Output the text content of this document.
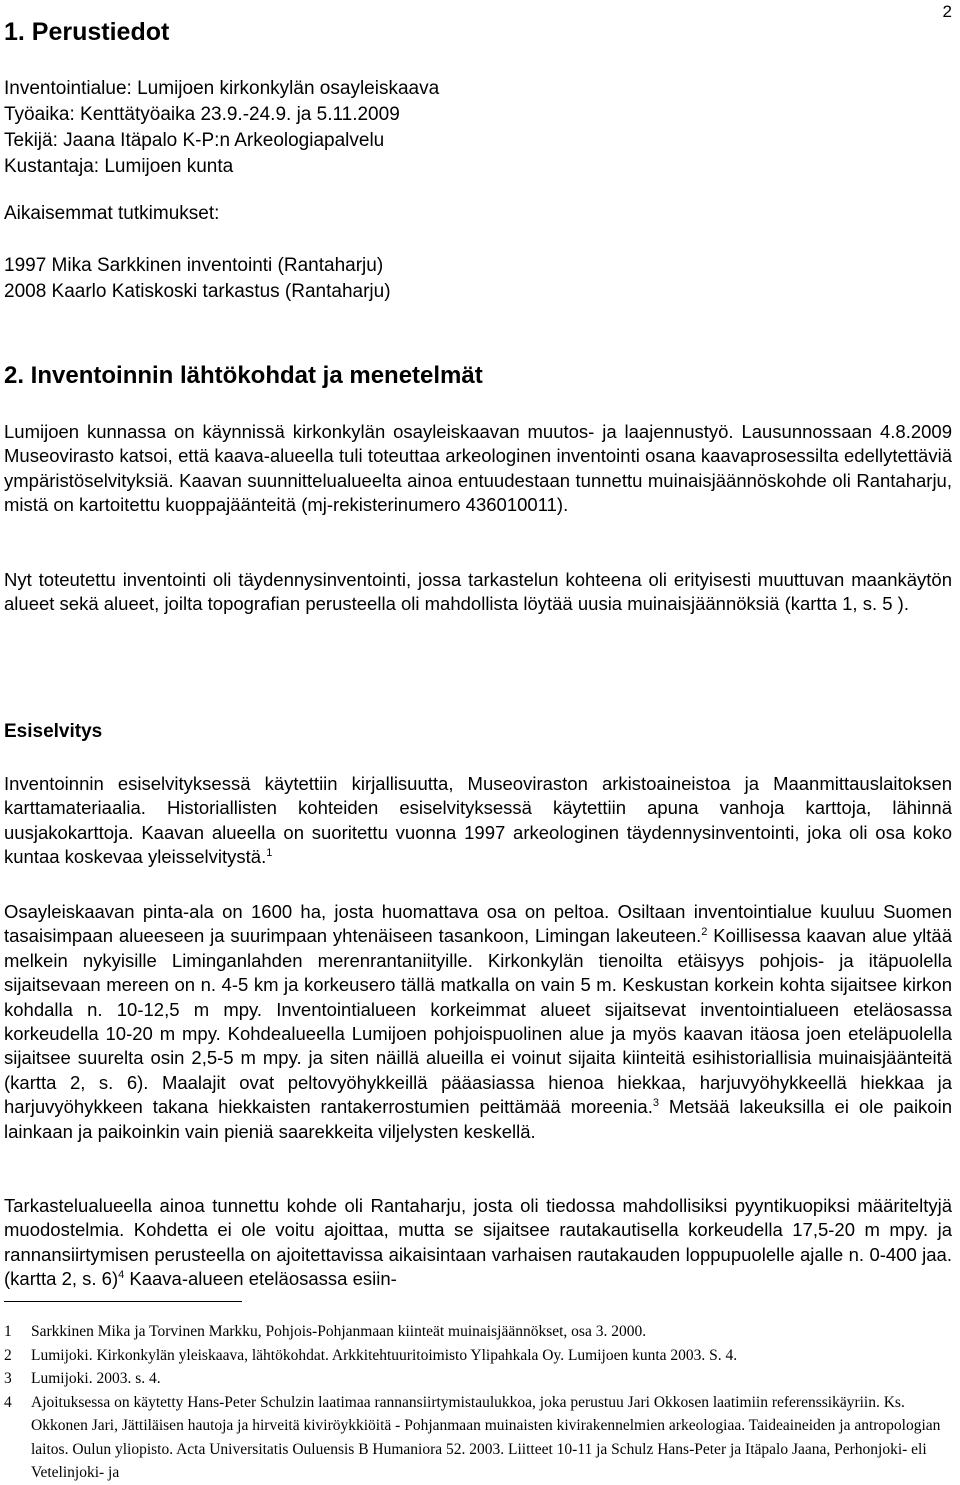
2
1. Perustiedot
Inventointialue: Lumijoen kirkonkylän osayleiskaava
Työaika: Kenttätyöaika 23.9.-24.9. ja 5.11.2009
Tekijä: Jaana Itäpalo K-P:n Arkeologiapalvelu
Kustantaja: Lumijoen kunta
Aikaisemmat tutkimukset:
1997 Mika Sarkkinen inventointi (Rantaharju)
2008 Kaarlo Katiskoski tarkastus (Rantaharju)
2. Inventoinnin lähtökohdat ja menetelmät
Lumijoen kunnassa on käynnissä kirkonkylän osayleiskaavan muutos- ja laajennustyö. Lausunnossaan 4.8.2009 Museovirasto katsoi, että kaava-alueella tuli toteuttaa arkeologinen inventointi osana kaavaprosessilta edellytettäviä ympäristöselvityksiä. Kaavan suunnittelualueelta ainoa entuudestaan tunnettu muinaisjäännöskohde oli Rantaharju, mistä on kartoitettu kuoppajäänteitä (mj-rekisterinumero 436010011).
Nyt toteutettu inventointi oli täydennysinventointi, jossa tarkastelun kohteena oli erityisesti muuttuvan maankäytön alueet sekä alueet, joilta topografian perusteella oli mahdollista löytää uusia muinaisjäännöksiä (kartta 1, s. 5 ).
Esiselvitys
Inventoinnin esiselvityksessä käytettiin kirjallisuutta, Museoviraston arkistoaineistoa ja Maanmittauslaitoksen karttamateriaalia. Historiallisten kohteiden esiselvityksessä käytettiin apuna vanhoja karttoja, lähinnä uusjakokarttoja. Kaavan alueella on suoritettu vuonna 1997 arkeologinen täydennysinventointi, joka oli osa koko kuntaa koskevaa yleisselvitystä.$^1$
Osayleiskaavan pinta-ala on 1600 ha, josta huomattava osa on peltoa. Osiltaan inventointialue kuuluu Suomen tasaisimpaan alueeseen ja suurimpaan yhtenäiseen tasankoon, Limingan lakeuteen.$^2$ Koillisessa kaavan alue yltää melkein nykyisille Liminganlahden merenrantaniityille. Kirkonkylän tienoilta etäisyys pohjois- ja itäpuolella sijaitsevaan mereen on n. 4-5 km ja korkeusero tällä matkalla on vain 5 m. Keskustan korkein kohta sijaitsee kirkon kohdalla n. 10-12,5 m mpy. Inventointialueen korkeimmat alueet sijaitsevat inventointialueen eteläosassa korkeudella 10-20 m mpy. Kohdealueella Lumijoen pohjoispuolinen alue ja myös kaavan itäosa joen eteläpuolella sijaitsee suurelta osin 2,5-5 m mpy. ja siten näillä alueilla ei voinut sijaita kiinteitä esihistoriallisia muinaisjäänteitä (kartta 2, s. 6). Maalajit ovat peltovyöhykkeillä pääasiassa hienoa hiekkaa, harjuvyöhykkeellä hiekkaa ja harjuvyöhykkeen takana hiekkaisten rantakerrostumien peittämää moreenia.$^3$ Metsää lakeuksilla ei ole paikoin lainkaan ja paikoinkin vain pieniä saarekkeita viljelysten keskellä.
Tarkastelualueella ainoa tunnettu kohde oli Rantaharju, josta oli tiedossa mahdollisiksi pyyntikuopiksi määriteltyjä muodostelmia. Kohdetta ei ole voitu ajoittaa, mutta se sijaitsee rautakautisella korkeudella 17,5-20 m mpy. ja rannansiirtymisen perusteella on ajoitettavissa aikaisintaan varhaisen rautakauden loppupuolelle ajalle n. 0-400 jaa. (kartta 2, s. 6)$^4$ Kaava-alueen eteläosassa esiin-
1	Sarkkinen Mika ja Torvinen Markku, Pohjois-Pohjanmaan kiinteät muinaisjäännökset, osa 3. 2000.
2	Lumijoki. Kirkonkylän yleiskaava, lähtökohdat. Arkkitehtuuritoimisto Ylipahkala Oy. Lumijoen kunta 2003. S. 4.
3	Lumijoki. 2003. s. 4.
4	Ajoituksessa on käytetty Hans-Peter Schulzin laatimaa rannansiirtymistaulukkoa, joka perustuu Jari Okkosen laatimiin referenssikäyriin. Ks. Okkonen Jari, Jättiläisen hautoja ja hirveitä kiviröykkiöitä - Pohjanmaan muinaisten kivirakennelmien arkeologiaa. Taideaineiden ja antropologian laitos. Oulun yliopisto. Acta Universitatis Ouluensis B Humaniora 52. 2003. Liitteet 10-11 ja Schulz Hans-Peter ja Itäpalo Jaana, Perhonjoki- eli Vetelinjoki- ja
